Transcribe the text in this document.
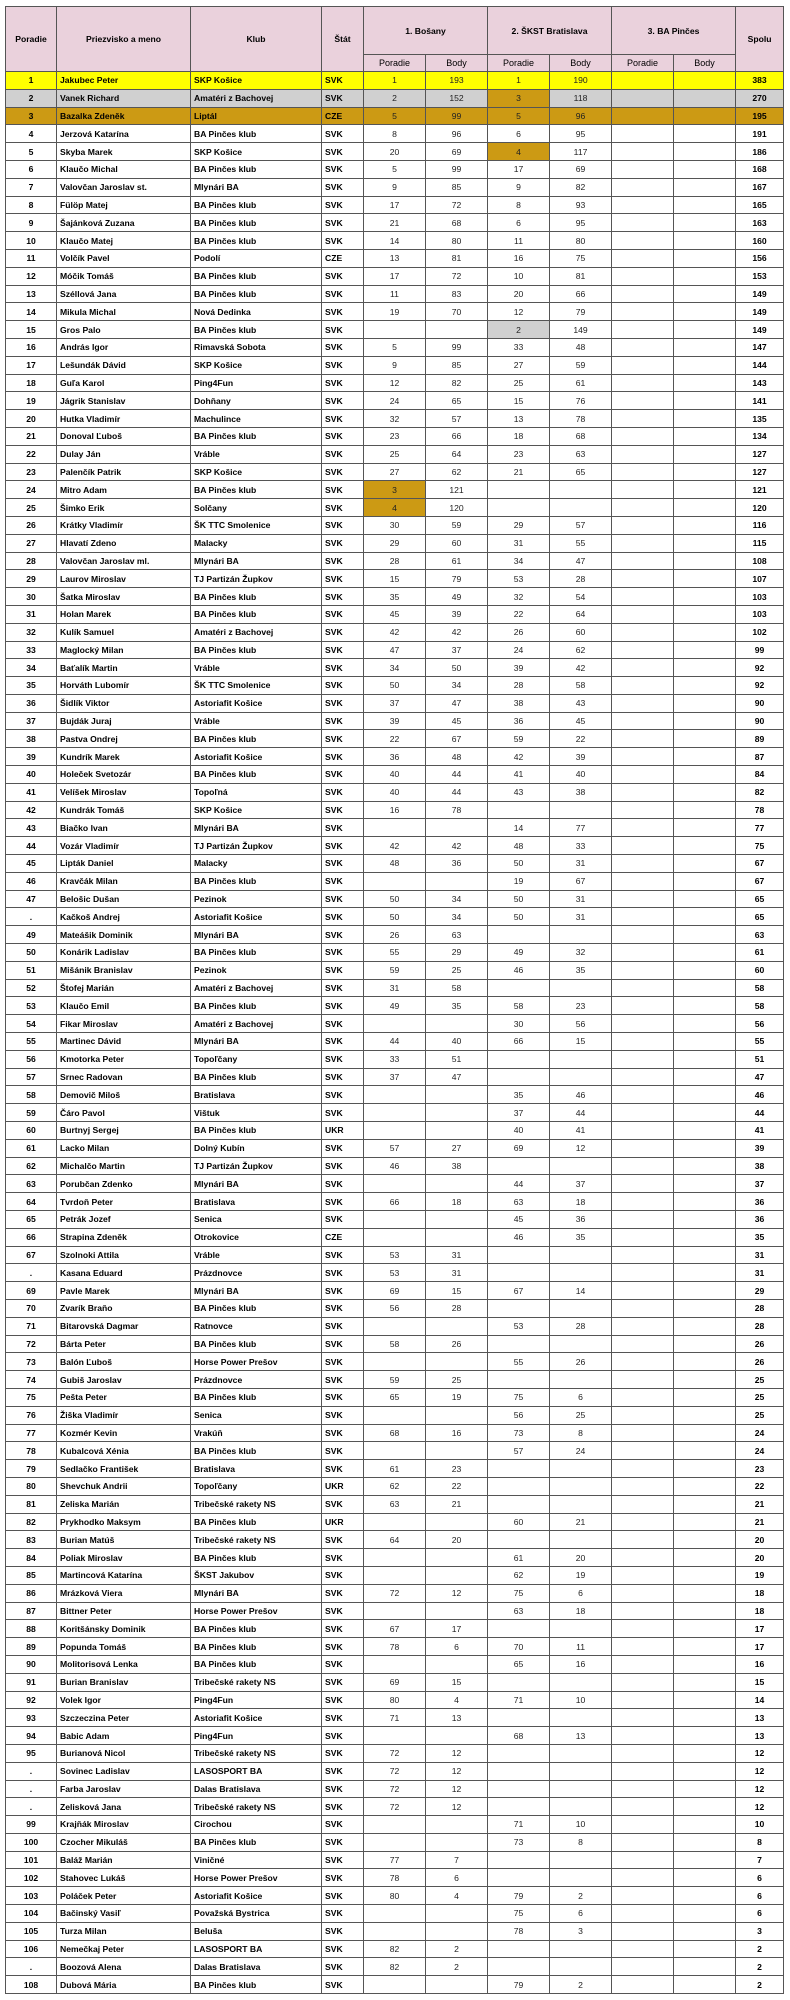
Poradie	Priezvisko a meno	Klub	Štát	1. Bošany		2. ŠKST Bratislava		3. BA Pinčes		Spolu
				Poradie	Body	Poradie	Body	Poradie	Body	
1	Jakubec Peter	SKP Košice	SVK	1	193	1	190			383
2	Vanek Richard	Amatéri z Bachovej	SVK	2	152	3	118			270
3	Bazalka Zdeněk	Liptál	CZE	5	99	5	96			195
4	Jerzová Katarína	BA Pinčes klub	SVK	8	96	6	95			191
5	Skyba Marek	SKP Košice	SVK	20	69	4	117			186
6	Klaučo Michal	BA Pinčes klub	SVK	5	99	17	69			168
7	Valovčan Jaroslav st.	Mlynári BA	SVK	9	85	9	82			167
8	Fülöp Matej	BA Pinčes klub	SVK	17	72	8	93			165
9	Šajánková Zuzana	BA Pinčes klub	SVK	21	68	6	95			163
10	Klaučo Matej	BA Pinčes klub	SVK	14	80	11	80			160
11	Volčík Pavel	Podolí	CZE	13	81	16	75			156
12	Móčik Tomáš	BA Pinčes klub	SVK	17	72	10	81			153
13	Széllová Jana	BA Pinčes klub	SVK	11	83	20	66			149
14	Mikula Michal	Nová Dedinka	SVK	19	70	12	79			149
15	Gros Palo	BA Pinčes klub	SVK			2	149			149
16	András Igor	Rimavská Sobota	SVK	5	99	33	48			147
17	Lešundák Dávid	SKP Košice	SVK	9	85	27	59			144
18	Guľa Karol	Ping4Fun	SVK	12	82	25	61			143
19	Jágrik Stanislav	Dohňany	SVK	24	65	15	76			141
20	Hutka Vladimír	Machulince	SVK	32	57	13	78			135
21	Donoval Ľuboš	BA Pinčes klub	SVK	23	66	18	68			134
22	Dulay Ján	Vráble	SVK	25	64	23	63			127
23	Palenčík Patrik	SKP Košice	SVK	27	62	21	65			127
24	Mitro Adam	BA Pinčes klub	SVK	3	121					121
25	Šimko Erik	Solčany	SVK	4	120					120
26	Krátky Vladimír	ŠK TTC Smolenice	SVK	30	59	29	57			116
27	Hlavatí Zdeno	Malacky	SVK	29	60	31	55			115
28	Valovčan Jaroslav ml.	Mlynári BA	SVK	28	61	34	47			108
29	Laurov Miroslav	TJ Partizán Župkov	SVK	15	79	53	28			107
30	Šatka Miroslav	BA Pinčes klub	SVK	35	49	32	54			103
31	Holan Marek	BA Pinčes klub	SVK	45	39	22	64			103
32	Kulík Samuel	Amatéri z Bachovej	SVK	42	42	26	60			102
33	Maglocký Milan	BA Pinčes klub	SVK	47	37	24	62			99
34	Baťalík Martin	Vráble	SVK	34	50	39	42			92
35	Horváth Lubomír	ŠK TTC Smolenice	SVK	50	34	28	58			92
36	Šidlík Viktor	Astoriafit Košice	SVK	37	47	38	43			90
37	Bujdák Juraj	Vráble	SVK	39	45	36	45			90
38	Pastva Ondrej	BA Pinčes klub	SVK	22	67	59	22			89
39	Kundrík Marek	Astoriafit Košice	SVK	36	48	42	39			87
40	Holeček Svetozár	BA Pinčes klub	SVK	40	44	41	40			84
41	Velíšek Miroslav	Topoľná	SVK	40	44	43	38			82
42	Kundrák Tomáš	SKP Košice	SVK	16	78					78
43	Biačko Ivan	Mlynári BA	SVK			14	77			77
44	Vozár Vladimír	TJ Partizán Župkov	SVK	42	42	48	33			75
45	Lipták Daniel	Malacky	SVK	48	36	50	31			67
46	Kravčák Milan	BA Pinčes klub	SVK			19	67			67
47	Belošic Dušan	Pezinok	SVK	50	34	50	31			65
.	Kačkoš Andrej	Astoriafit Košice	SVK	50	34	50	31			65
49	Mateášik Dominik	Mlynári BA	SVK	26	63					63
50	Konárik Ladislav	BA Pinčes klub	SVK	55	29	49	32			61
51	Mišánik Branislav	Pezinok	SVK	59	25	46	35			60
52	Štofej Marián	Amatéri z Bachovej	SVK	31	58					58
53	Klaučo Emil	BA Pinčes klub	SVK	49	35	58	23			58
54	Fikar Miroslav	Amatéri z Bachovej	SVK			30	56			56
55	Martinec Dávid	Mlynári BA	SVK	44	40	66	15			55
56	Kmotorka Peter	Topoľčany	SVK	33	51					51
57	Srnec Radovan	BA Pinčes klub	SVK	37	47					47
58	Demovič Miloš	Bratislava	SVK			35	46			46
59	Čáro Pavol	Vištuk	SVK			37	44			44
60	Burtnyj Sergej	BA Pinčes klub	UKR			40	41			41
61	Lacko Milan	Dolný Kubín	SVK	57	27	69	12			39
62	Michalčo Martin	TJ Partizán Župkov	SVK	46	38					38
63	Porubčan Zdenko	Mlynári BA	SVK			44	37			37
64	Tvrdoň Peter	Bratislava	SVK	66	18	63	18			36
65	Petrák Jozef	Senica	SVK			45	36			36
66	Strapina Zdeněk	Otrokovice	CZE			46	35			35
67	Szolnoki Attila	Vráble	SVK	53	31					31
.	Kasana Eduard	Prázdnovce	SVK	53	31					31
69	Pavle Marek	Mlynári BA	SVK	69	15	67	14			29
70	Zvarík Braňo	BA Pinčes klub	SVK	56	28					28
71	Bitarovská Dagmar	Ratnovce	SVK			53	28			28
72	Bárta Peter	BA Pinčes klub	SVK	58	26					26
73	Balón Ľuboš	Horse Power Prešov	SVK			55	26			26
74	Gubiš Jaroslav	Prázdnovce	SVK	59	25					25
75	Pešta Peter	BA Pinčes klub	SVK	65	19	75	6			25
76	Žiška Vladimír	Senica	SVK			56	25			25
77	Kozmér Kevin	Vrakúň	SVK	68	16	73	8			24
78	Kubalcová Xénia	BA Pinčes klub	SVK			57	24			24
79	Sedlačko František	Bratislava	SVK	61	23					23
80	Shevchuk Andrii	Topoľčany	UKR	62	22					22
81	Zeliska Marián	Tribečské rakety NS	SVK	63	21					21
82	Prykhodko Maksym	BA Pinčes klub	UKR			60	21			21
83	Burian Matúš	Tribečské rakety NS	SVK	64	20					20
84	Poliak Miroslav	BA Pinčes klub	SVK			61	20			20
85	Martincová Katarína	ŠKST Jakubov	SVK			62	19			19
86	Mrázková Viera	Mlynári BA	SVK	72	12	75	6			18
87	Bittner Peter	Horse Power Prešov	SVK			63	18			18
88	Koritšánsky Dominik	BA Pinčes klub	SVK	67	17					17
89	Popunda Tomáš	BA Pinčes klub	SVK	78	6	70	11			17
90	Molitorisová Lenka	BA Pinčes klub	SVK			65	16			16
91	Burian Branislav	Tribečské rakety NS	SVK	69	15					15
92	Volek Igor	Ping4Fun	SVK	80	4	71	10			14
93	Szczeczina Peter	Astoriafit Košice	SVK	71	13					13
94	Babic Adam	Ping4Fun	SVK			68	13			13
95	Burianová Nicol	Tribečské rakety NS	SVK	72	12					12
.	Sovinec Ladislav	LASOSPORT BA	SVK	72	12					12
.	Farba Jaroslav	Dalas Bratislava	SVK	72	12					12
.	Zelisková Jana	Tribečské rakety NS	SVK	72	12					12
99	Krajňák Miroslav	Cirochou	SVK			71	10			10
100	Czocher Mikuláš	BA Pinčes klub	SVK			73	8			8
101	Baláž Marián	Viničné	SVK	77	7					7
102	Stahovec Lukáš	Horse Power Prešov	SVK	78	6					6
103	Poláček Peter	Astoriafit Košice	SVK	80	4	79	2			6
104	Bačinský Vasiľ	Považská Bystrica	SVK			75	6			6
105	Turza Milan	Beluša	SVK			78	3			3
106	Nemečkaj Peter	LASOSPORT BA	SVK	82	2					2
.	Boozová Alena	Dalas Bratislava	SVK	82	2					2
108	Dubová Mária	BA Pinčes klub	SVK			79	2			2
